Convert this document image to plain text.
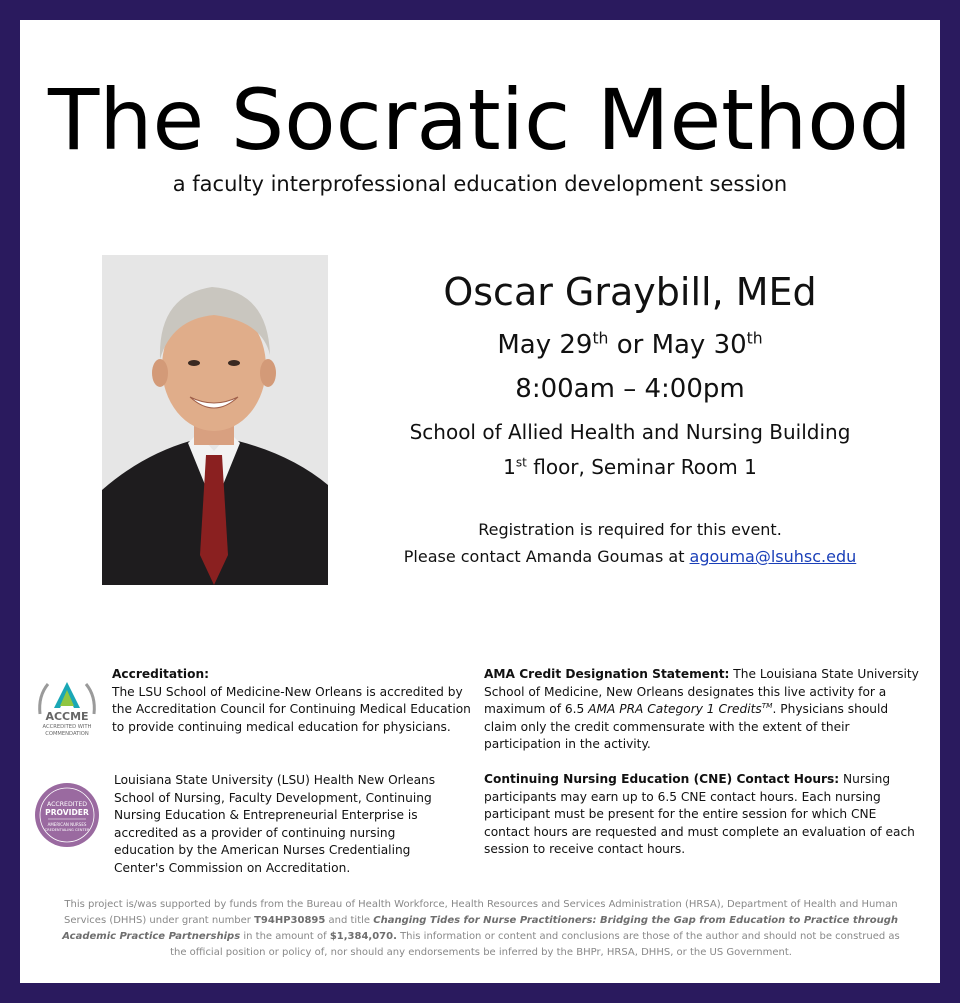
The Socratic Method
a faculty interprofessional education development session
Oscar Graybill, MEd
May 29th or May 30th
8:00am – 4:00pm
School of Allied Health and Nursing Building
1st floor, Seminar Room 1
Registration is required for this event.
Please contact Amanda Goumas at agouma@lsuhsc.edu
ACCME
ACCREDITED WITH
COMMENDATION
Accreditation:
The LSU School of Medicine-New Orleans is accredited by the Accreditation Council for Continuing Medical Education to provide continuing medical education for physicians.
AMA Credit Designation Statement: The Louisiana State University School of Medicine, New Orleans designates this live activity for a maximum of 6.5 AMA PRA Category 1 Credits™. Physicians should claim only the credit commensurate with the extent of their participation in the activity.
ACCREDITED
PROVIDER
AMERICAN NURSES
CREDENTIALING CENTER
Louisiana State University (LSU) Health New Orleans School of Nursing, Faculty Development, Continuing Nursing Education & Entrepreneurial Enterprise is accredited as a provider of continuing nursing education by the American Nurses Credentialing Center's Commission on Accreditation.
Continuing Nursing Education (CNE) Contact Hours: Nursing participants may earn up to 6.5 CNE contact hours. Each nursing participant must be present for the entire session for which CNE contact hours are requested and must complete an evaluation of each session to receive contact hours.
This project is/was supported by funds from the Bureau of Health Workforce, Health Resources and Services Administration (HRSA), Department of Health and Human Services (DHHS) under grant number T94HP30895 and title Changing Tides for Nurse Practitioners: Bridging the Gap from Education to Practice through Academic Practice Partnerships in the amount of $1,384,070. This information or content and conclusions are those of the author and should not be construed as the official position or policy of, nor should any endorsements be inferred by the BHPr, HRSA, DHHS, or the US Government.
